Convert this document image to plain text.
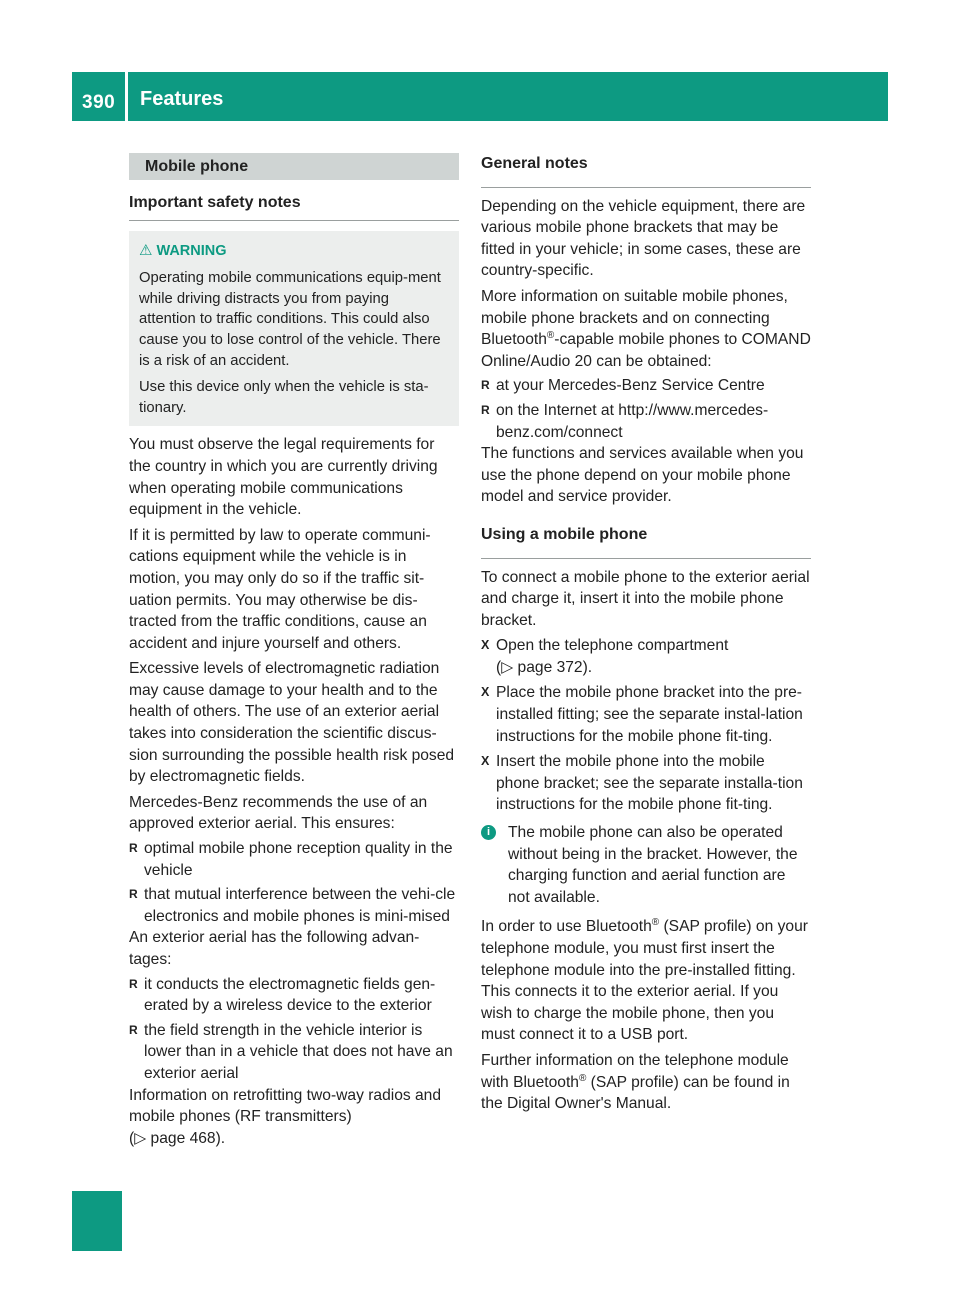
390 Features
Mobile phone
Important safety notes
⚠ WARNING

Operating mobile communications equip-ment while driving distracts you from paying attention to traffic conditions. This could also cause you to lose control of the vehicle. There is a risk of an accident.

Use this device only when the vehicle is sta-tionary.

You must observe the legal requirements for the country in which you are currently driving when operating mobile communications equipment in the vehicle.

If it is permitted by law to operate communi-cations equipment while the vehicle is in motion, you may only do so if the traffic sit-uation permits. You may otherwise be dis-tracted from the traffic conditions, cause an accident and injure yourself and others.

Excessive levels of electromagnetic radiation may cause damage to your health and to the health of others. The use of an exterior aerial takes into consideration the scientific discus-sion surrounding the possible health risk posed by electromagnetic fields.

Mercedes-Benz recommends the use of an approved exterior aerial. This ensures:

R optimal mobile phone reception quality in the vehicle

R that mutual interference between the vehi-cle electronics and mobile phones is mini-mised

An exterior aerial has the following advan-tages:

R it conducts the electromagnetic fields gen-erated by a wireless device to the exterior

R the field strength in the vehicle interior is lower than in a vehicle that does not have an exterior aerial

Information on retrofitting two-way radios and mobile phones (RF transmitters)

(▷ page 468).

General notes

Depending on the vehicle equipment, there are various mobile phone brackets that may be fitted in your vehicle; in some cases, these are country-specific.

More information on suitable mobile phones, mobile phone brackets and on connecting Bluetooth®-capable mobile phones to COMAND Online/Audio 20 can be obtained:

R at your Mercedes-Benz Service Centre

R on the Internet at http://www.mercedes-benz.com/connect

The functions and services available when you use the phone depend on your mobile phone model and service provider.

Using a mobile phone

To connect a mobile phone to the exterior aerial and charge it, insert it into the mobile phone bracket.

X Open the telephone compartment
(▷ page 372).

X Place the mobile phone bracket into the pre-installed fitting; see the separate instal-lation instructions for the mobile phone fit-ting.

X Insert the mobile phone into the mobile phone bracket; see the separate installa-tion instructions for the mobile phone fit-ting.

i	The mobile phone can also be operated without being in the bracket. However, the charging function and aerial function are not available.

In order to use Bluetooth® (SAP profile) on your telephone module, you must first insert the telephone module into the pre-installed fitting. This connects it to the exterior aerial. If you wish to charge the mobile phone, then you must connect it to a USB port.

Further information on the telephone module with Bluetooth® (SAP profile) can be found in the Digital Owner's Manual.
